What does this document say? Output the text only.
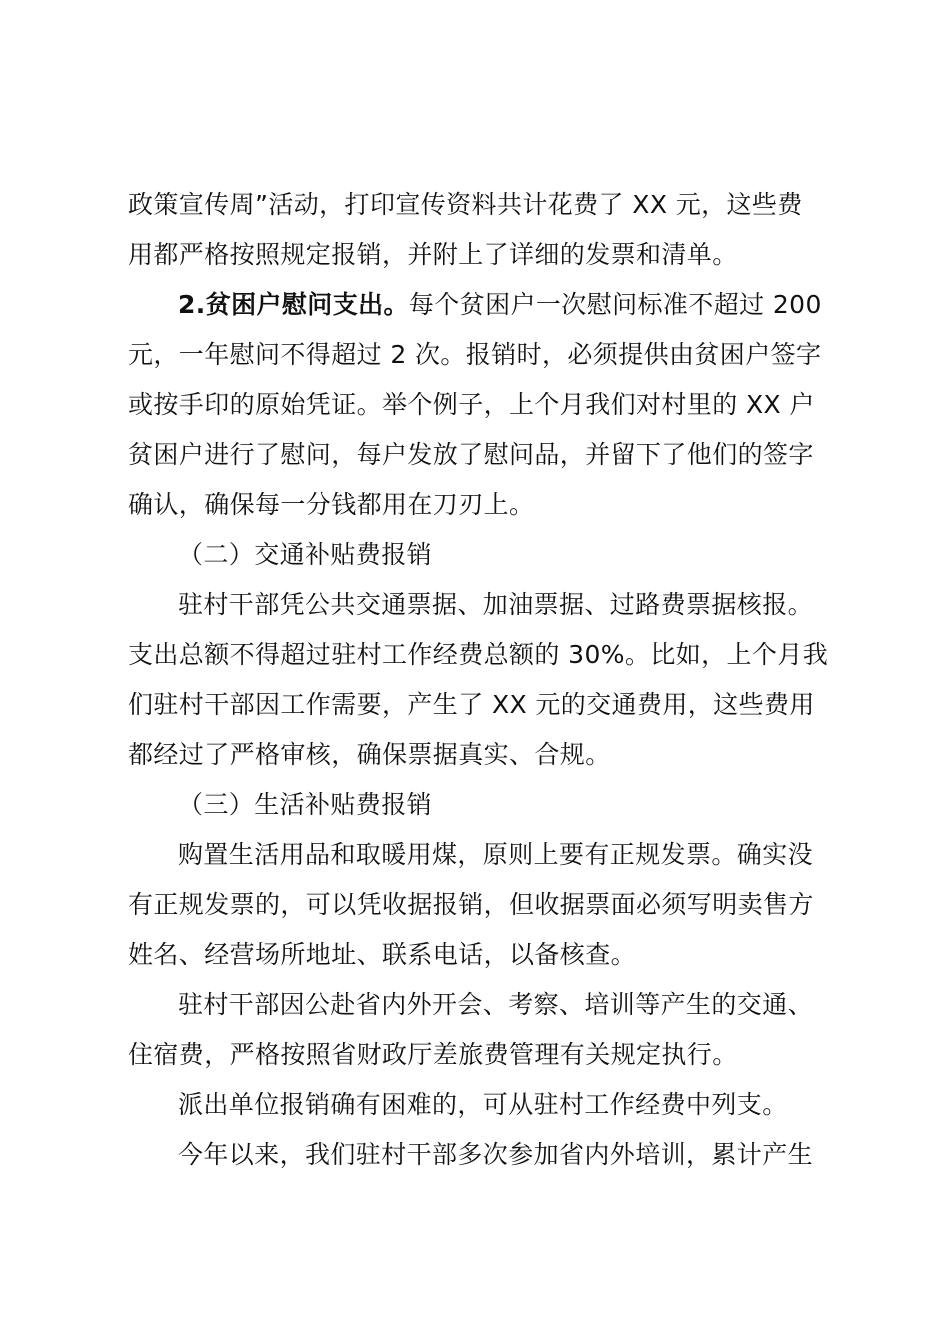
政策宣传周”活动，打印宣传资料共计花费了 XX 元，这些费
用都严格按照规定报销，并附上了详细的发票和清单。
2.贫困户慰问支出。每个贫困户一次慰问标准不超过 200
元，一年慰问不得超过 2 次。报销时，必须提供由贫困户签字
或按手印的原始凭证。举个例子，上个月我们对村里的 XX 户
贫困户进行了慰问，每户发放了慰问品，并留下了他们的签字
确认，确保每一分钱都用在刀刃上。
（二）交通补贴费报销
驻村干部凭公共交通票据、加油票据、过路费票据核报。
支出总额不得超过驻村工作经费总额的 30%。比如，上个月我
们驻村干部因工作需要，产生了 XX 元的交通费用，这些费用
都经过了严格审核，确保票据真实、合规。
（三）生活补贴费报销
购置生活用品和取暖用煤，原则上要有正规发票。确实没
有正规发票的，可以凭收据报销，但收据票面必须写明卖售方
姓名、经营场所地址、联系电话，以备核查。
驻村干部因公赴省内外开会、考察、培训等产生的交通、
住宿费，严格按照省财政厅差旅费管理有关规定执行。
派出单位报销确有困难的，可从驻村工作经费中列支。
今年以来，我们驻村干部多次参加省内外培训，累计产生
